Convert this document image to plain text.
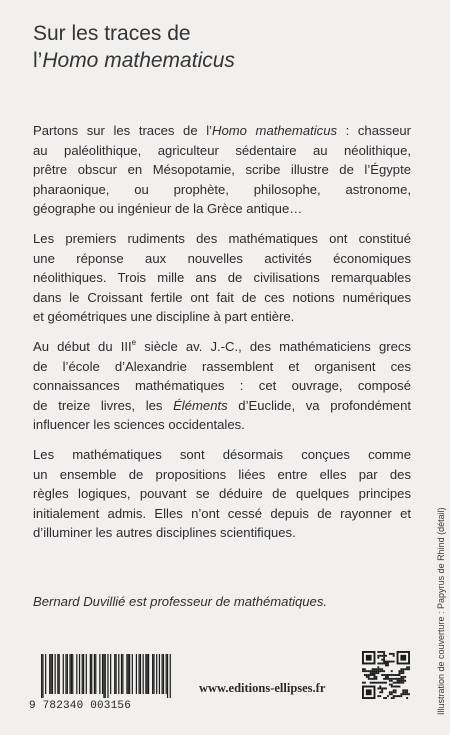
Sur les traces de
l’Homo mathematicus

Partons sur les traces de l’Homo mathematicus : chasseur
au paléolithique, agriculteur sédentaire au néolithique,
prêtre obscur en Mésopotamie, scribe illustre de l’Égypte
pharaonique, ou prophète, philosophe, astronome,
géographe ou ingénieur de la Grèce antique…

Les premiers rudiments des mathématiques ont constitué
une réponse aux nouvelles activités économiques
néolithiques. Trois mille ans de civilisations remarquables
dans le Croissant fertile ont fait de ces notions numériques
et géométriques une discipline à part entière.

Au début du IIIe siècle av. J.-C., des mathématiciens grecs
de l’école d’Alexandrie rassemblent et organisent ces
connaissances mathématiques : cet ouvrage, composé
de treize livres, les Éléments d’Euclide, va profondément
influencer les sciences occidentales.

Les mathématiques sont désormais conçues comme
un ensemble de propositions liées entre elles par des
règles logiques, pouvant se déduire de quelques principes
initialement admis. Elles n’ont cessé depuis de rayonner et
d’illuminer les autres disciplines scientifiques.

Bernard Duvillié est professeur de mathématiques.	Illustration de couverture : Papyrus de Rhind (détail)
9 782340 003156
www.editions-ellipses.fr
